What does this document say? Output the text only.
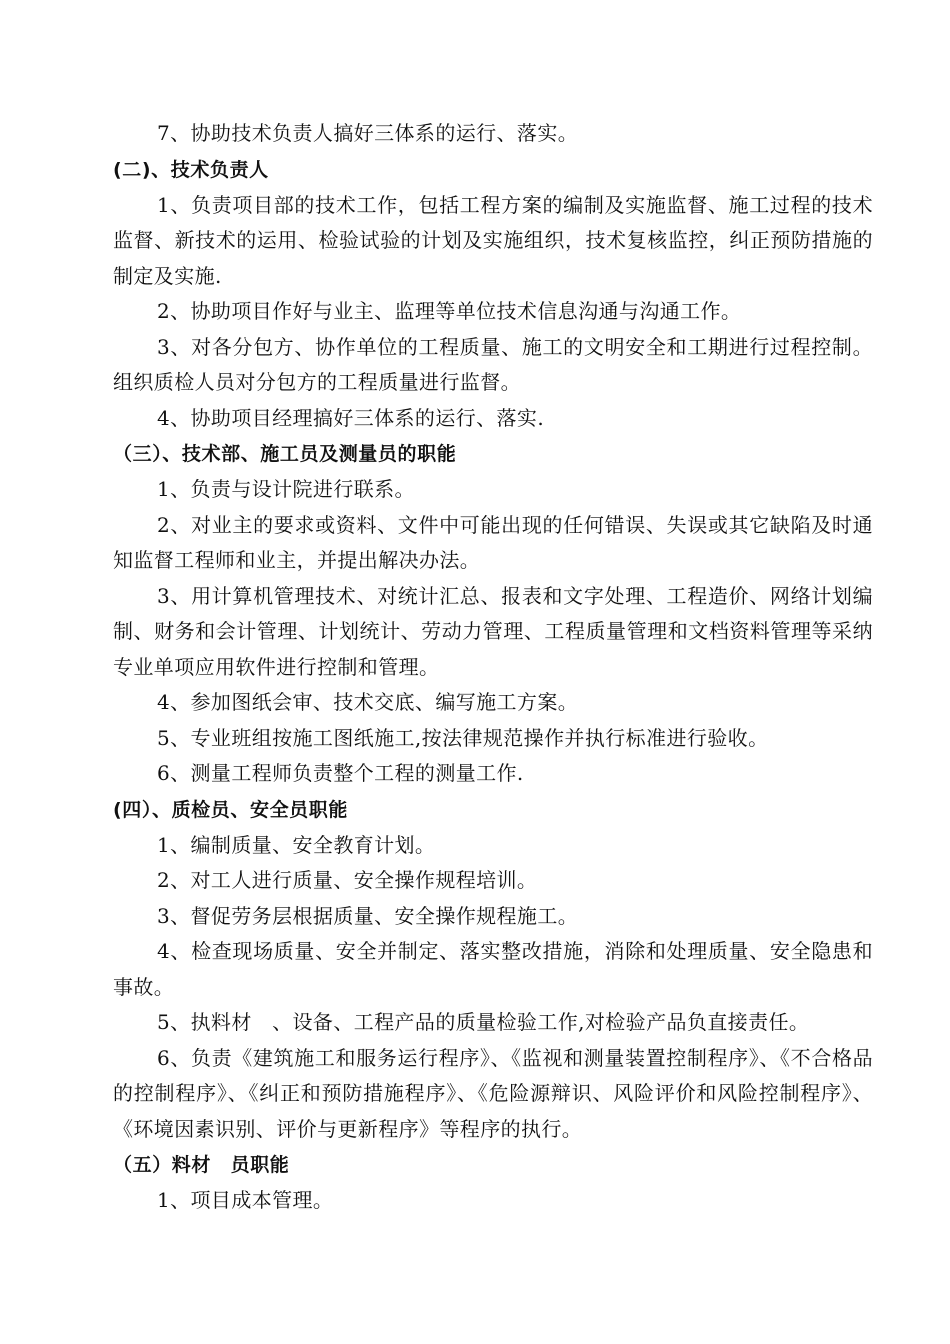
7、协助技术负责人搞好三体系的运行、落实。

(二)、技术负责人

1、负责项目部的技术工作，包括工程方案的编制及实施监督、施工过程的技术监督、新技术的运用、检验试验的计划及实施组织，技术复核监控，纠正预防措施的制定及实施.

2、协助项目作好与业主、监理等单位技术信息沟通与沟通工作。

3、对各分包方、协作单位的工程质量、施工的文明安全和工期进行过程控制。组织质检人员对分包方的工程质量进行监督。

4、协助项目经理搞好三体系的运行、落实.

（三）、技术部、施工员及测量员的职能

1、负责与设计院进行联系。

2、对业主的要求或资料、文件中可能出现的任何错误、失误或其它缺陷及时通知监督工程师和业主，并提出解决办法。

3、用计算机管理技术、对统计汇总、报表和文字处理、工程造价、网络计划编制、财务和会计管理、计划统计、劳动力管理、工程质量管理和文档资料管理等采纳专业单项应用软件进行控制和管理。

4、参加图纸会审、技术交底、编写施工方案。

5、专业班组按施工图纸施工,按法律规范操作并执行标准进行验收。

6、测量工程师负责整个工程的测量工作.

(四）、质检员、安全员职能

1、编制质量、安全教育计划。

2、对工人进行质量、安全操作规程培训。

3、督促劳务层根据质量、安全操作规程施工。

4、检查现场质量、安全并制定、落实整改措施，消除和处理质量、安全隐患和事故。

5、执料材　、设备、工程产品的质量检验工作,对检验产品负直接责任。

6、负责《建筑施工和服务运行程序》、《监视和测量装置控制程序》、《不合格品的控制程序》、《纠正和预防措施程序》、《危险源辩识、风险评价和风险控制程序》、《环境因素识别、评价与更新程序》等程序的执行。

（五）料材　员职能

1、项目成本管理。
